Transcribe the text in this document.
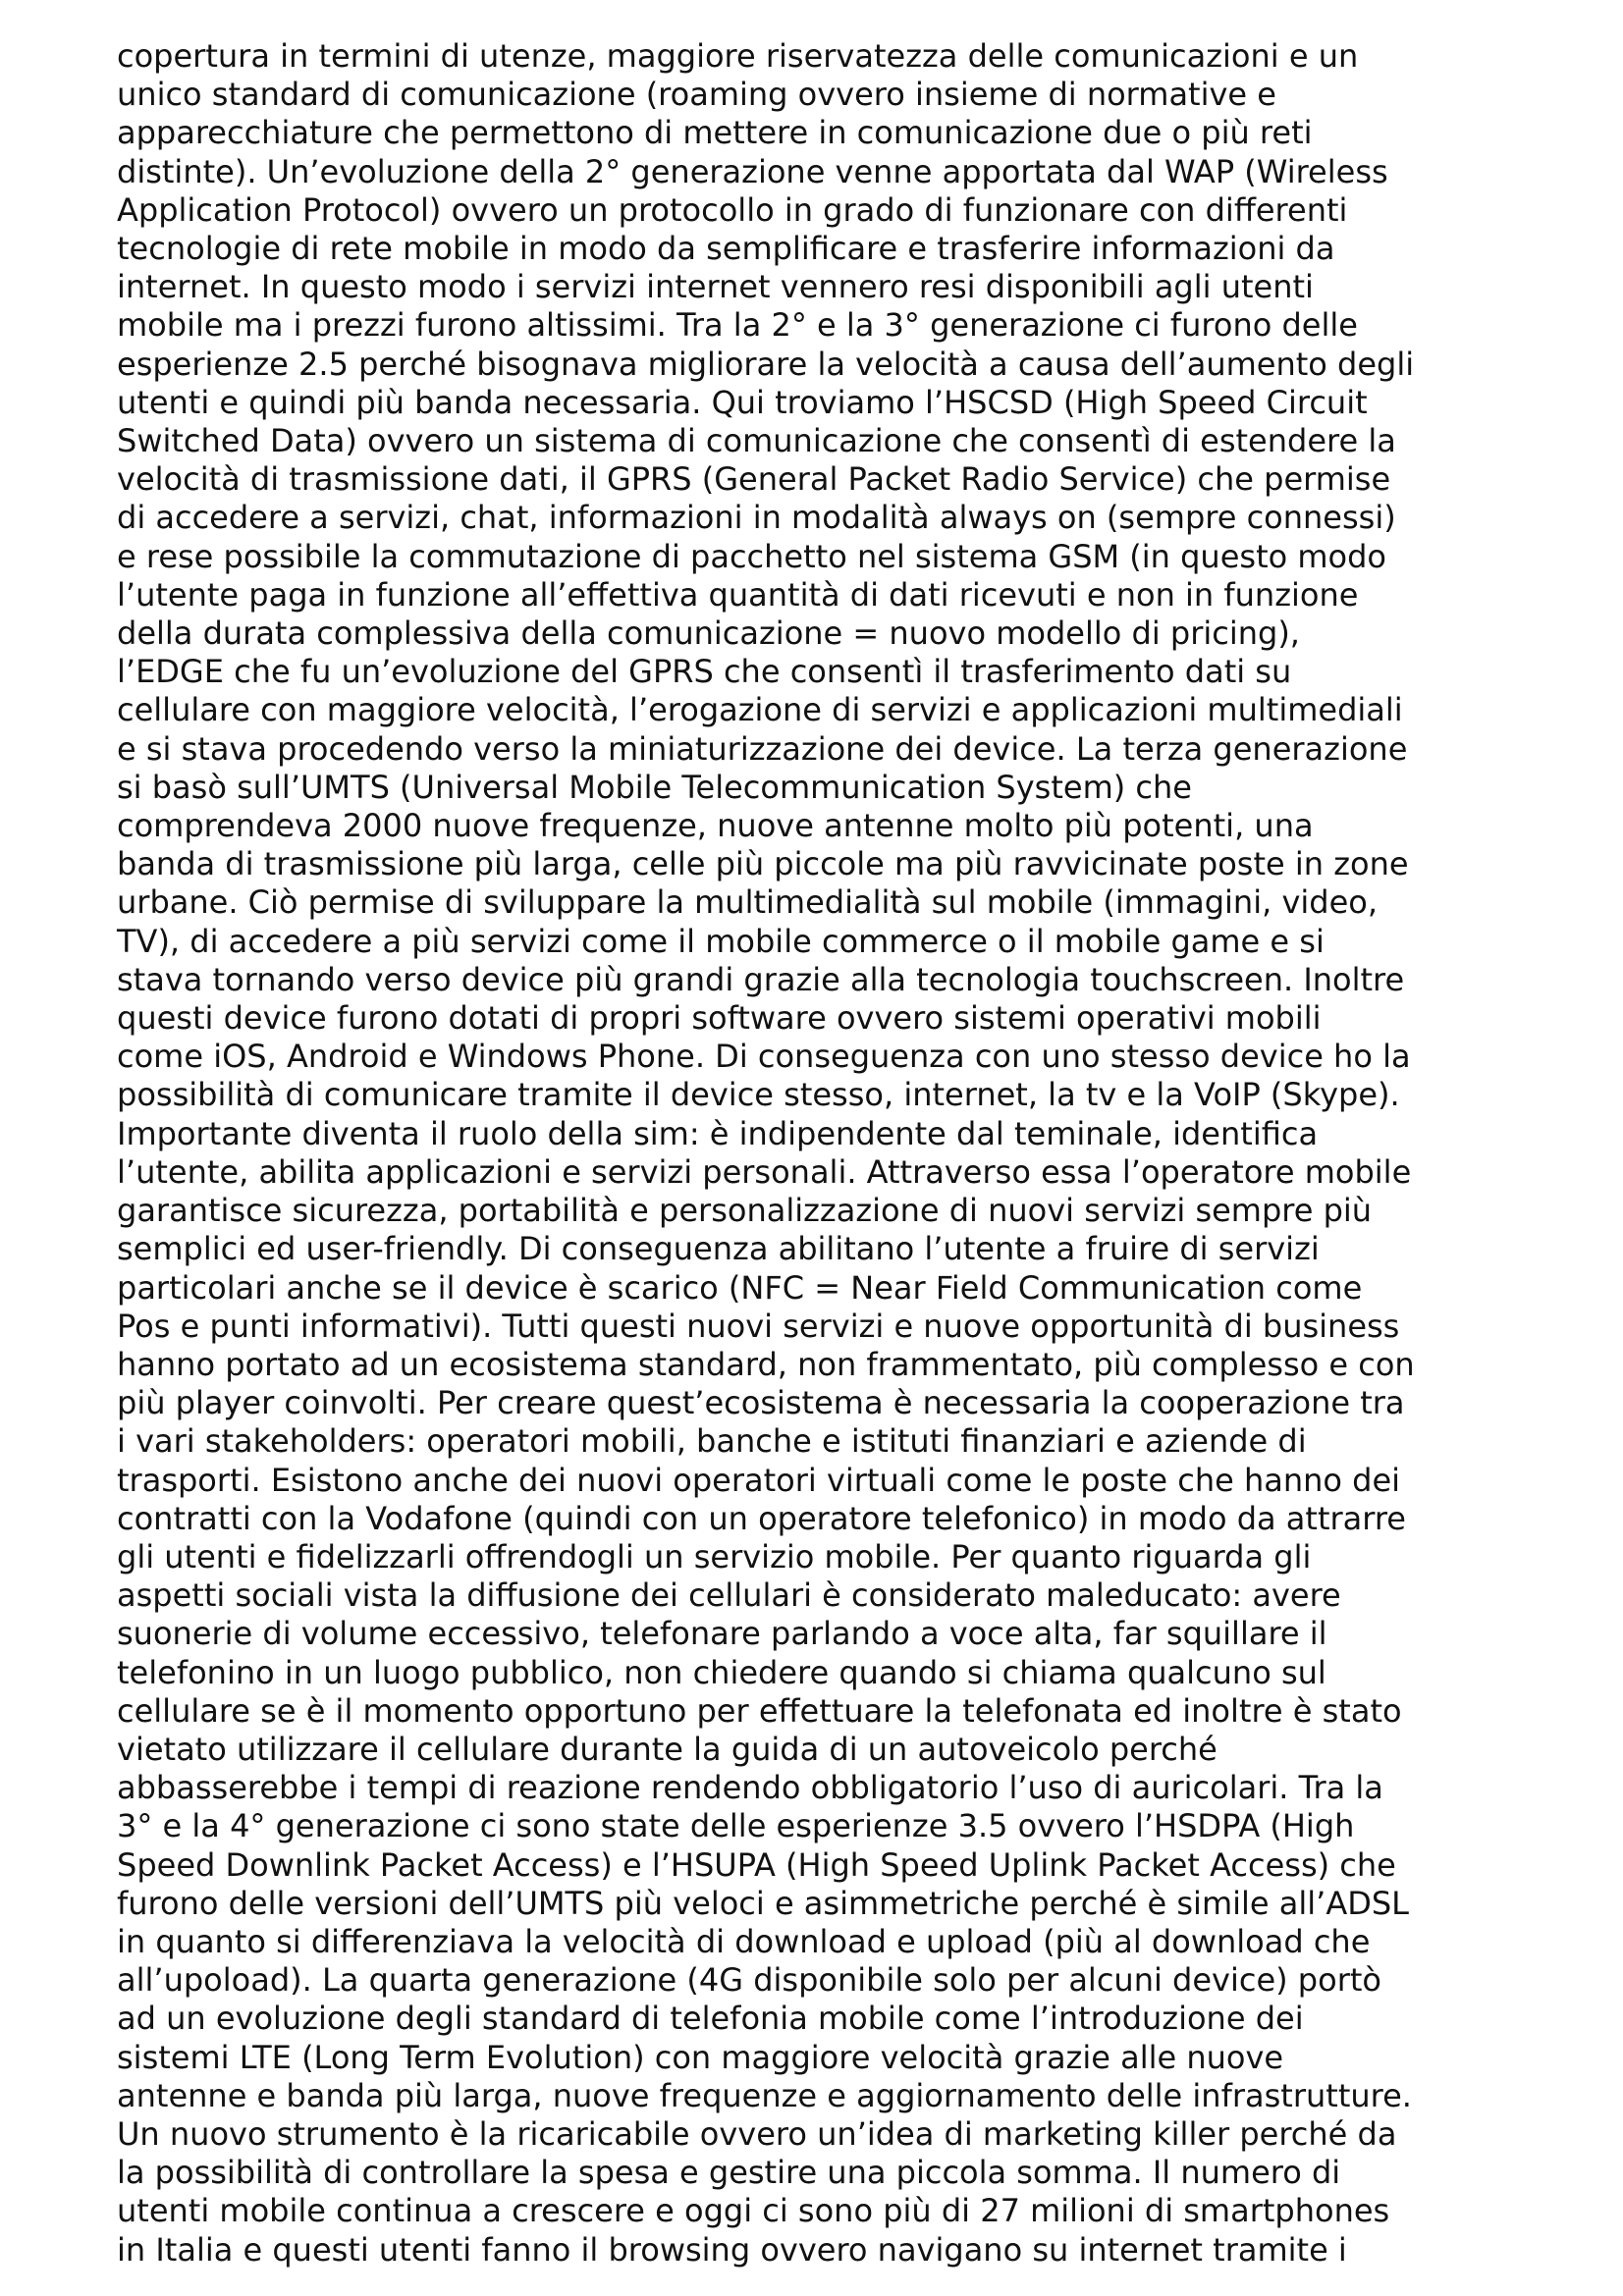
copertura in termini di utenze, maggiore riservatezza delle comunicazioni e un
unico standard di comunicazione (roaming ovvero insieme di normative e
apparecchiature che permettono di mettere in comunicazione due o più reti
distinte). Un’evoluzione della 2° generazione venne apportata dal WAP (Wireless
Application Protocol) ovvero un protocollo in grado di funzionare con differenti
tecnologie di rete mobile in modo da semplificare e trasferire informazioni da
internet. In questo modo i servizi internet vennero resi disponibili agli utenti
mobile ma i prezzi furono altissimi. Tra la 2° e la 3° generazione ci furono delle
esperienze 2.5 perché bisognava migliorare la velocità a causa dell’aumento degli
utenti e quindi più banda necessaria. Qui troviamo l’HSCSD (High Speed Circuit
Switched Data) ovvero un sistema di comunicazione che consentì di estendere la
velocità di trasmissione dati, il GPRS (General Packet Radio Service) che permise
di accedere a servizi, chat, informazioni in modalità always on (sempre connessi)
e rese possibile la commutazione di pacchetto nel sistema GSM (in questo modo
l’utente paga in funzione all’effettiva quantità di dati ricevuti e non in funzione
della durata complessiva della comunicazione = nuovo modello di pricing),
l’EDGE che fu un’evoluzione del GPRS che consentì il trasferimento dati su
cellulare con maggiore velocità, l’erogazione di servizi e applicazioni multimediali
e si stava procedendo verso la miniaturizzazione dei device. La terza generazione
si basò sull’UMTS (Universal Mobile Telecommunication System) che
comprendeva 2000 nuove frequenze, nuove antenne molto più potenti, una
banda di trasmissione più larga, celle più piccole ma più ravvicinate poste in zone
urbane. Ciò permise di sviluppare la multimedialità sul mobile (immagini, video,
TV), di accedere a più servizi come il mobile commerce o il mobile game e si
stava tornando verso device più grandi grazie alla tecnologia touchscreen. Inoltre
questi device furono dotati di propri software ovvero sistemi operativi mobili
come iOS, Android e Windows Phone. Di conseguenza con uno stesso device ho la
possibilità di comunicare tramite il device stesso, internet, la tv e la VoIP (Skype).
Importante diventa il ruolo della sim: è indipendente dal teminale, identifica
l’utente, abilita applicazioni e servizi personali. Attraverso essa l’operatore mobile
garantisce sicurezza, portabilità e personalizzazione di nuovi servizi sempre più
semplici ed user-friendly. Di conseguenza abilitano l’utente a fruire di servizi
particolari anche se il device è scarico (NFC = Near Field Communication come
Pos e punti informativi). Tutti questi nuovi servizi e nuove opportunità di business
hanno portato ad un ecosistema standard, non frammentato, più complesso e con
più player coinvolti. Per creare quest’ecosistema è necessaria la cooperazione tra
i vari stakeholders: operatori mobili, banche e istituti finanziari e aziende di
trasporti. Esistono anche dei nuovi operatori virtuali come le poste che hanno dei
contratti con la Vodafone (quindi con un operatore telefonico) in modo da attrarre
gli utenti e fidelizzarli offrendogli un servizio mobile. Per quanto riguarda gli
aspetti sociali vista la diffusione dei cellulari è considerato maleducato: avere
suonerie di volume eccessivo, telefonare parlando a voce alta, far squillare il
telefonino in un luogo pubblico, non chiedere quando si chiama qualcuno sul
cellulare se è il momento opportuno per effettuare la telefonata ed inoltre è stato
vietato utilizzare il cellulare durante la guida di un autoveicolo perché
abbasserebbe i tempi di reazione rendendo obbligatorio l’uso di auricolari. Tra la
3° e la 4° generazione ci sono state delle esperienze 3.5 ovvero l’HSDPA (High
Speed Downlink Packet Access) e l’HSUPA (High Speed Uplink Packet Access) che
furono delle versioni dell’UMTS più veloci e asimmetriche perché è simile all’ADSL
in quanto si differenziava la velocità di download e upload (più al download che
all’upoload). La quarta generazione (4G disponibile solo per alcuni device) portò
ad un evoluzione degli standard di telefonia mobile come l’introduzione dei
sistemi LTE (Long Term Evolution) con maggiore velocità grazie alle nuove
antenne e banda più larga, nuove frequenze e aggiornamento delle infrastrutture.
Un nuovo strumento è la ricaricabile ovvero un’idea di marketing killer perché da
la possibilità di controllare la spesa e gestire una piccola somma. Il numero di
utenti mobile continua a crescere e oggi ci sono più di 27 milioni di smartphones
in Italia e questi utenti fanno il browsing ovvero navigano su internet tramite i
